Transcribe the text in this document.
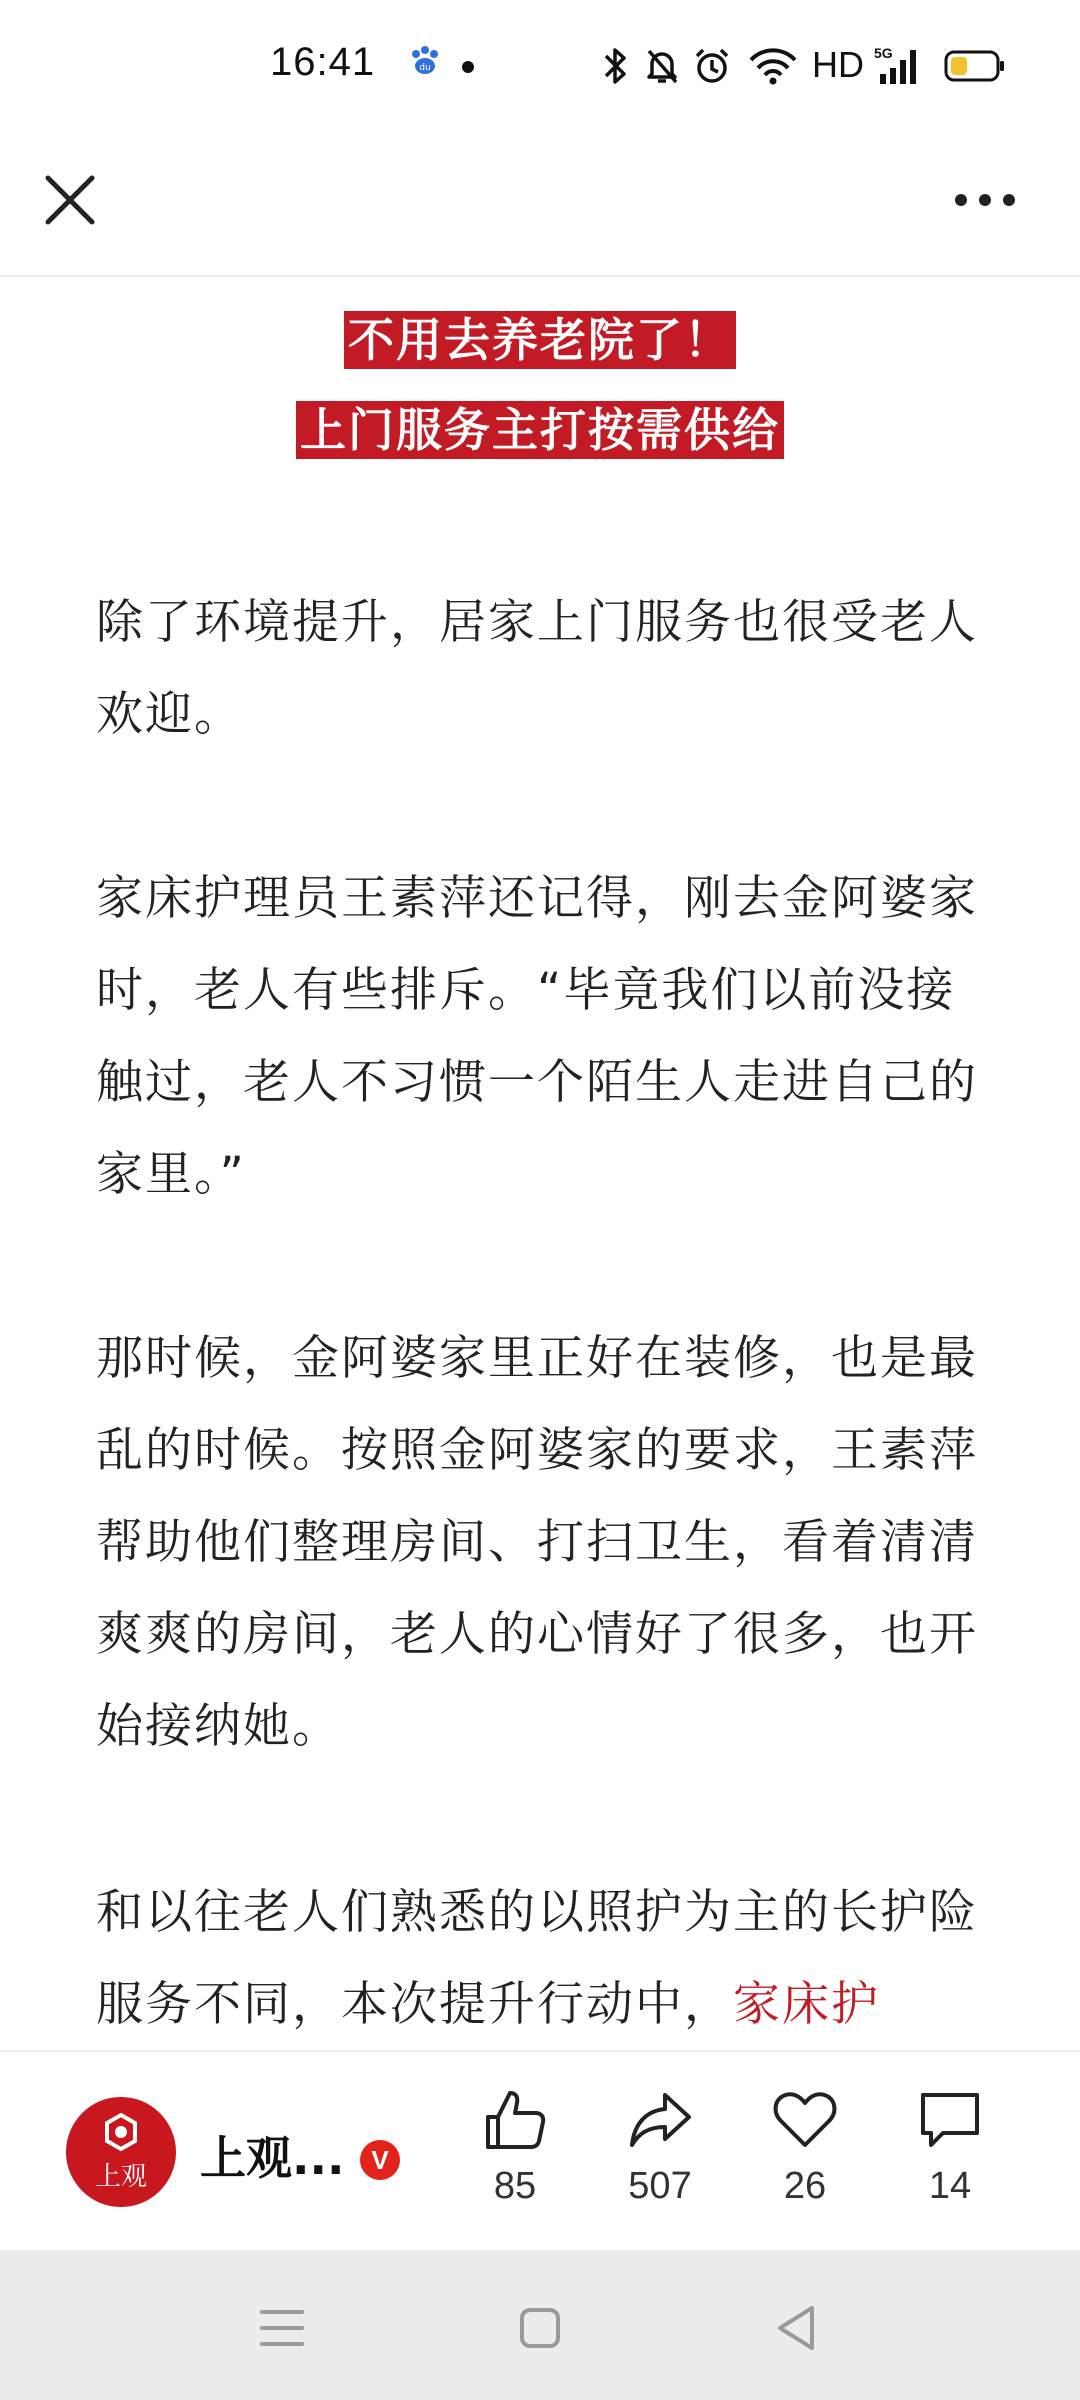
16:41	du	HD 5G
不用去养老院了！
上门服务主打按需供给

除了环境提升，居家上门服务也很受老人欢迎。

家床护理员王素萍还记得，刚去金阿婆家时，老人有些排斥。“毕竟我们以前没接触过，老人不习惯一个陌生人走进自己的家里。”

那时候，金阿婆家里正好在装修，也是最乱的时候。按照金阿婆家的要求，王素萍帮助他们整理房间、打扫卫生，看着清清爽爽的房间，老人的心情好了很多，也开始接纳她。

和以往老人们熟悉的以照护为主的长护险服务不同，本次提升行动中，家床护

上观 上观... V
85	507	26	14
